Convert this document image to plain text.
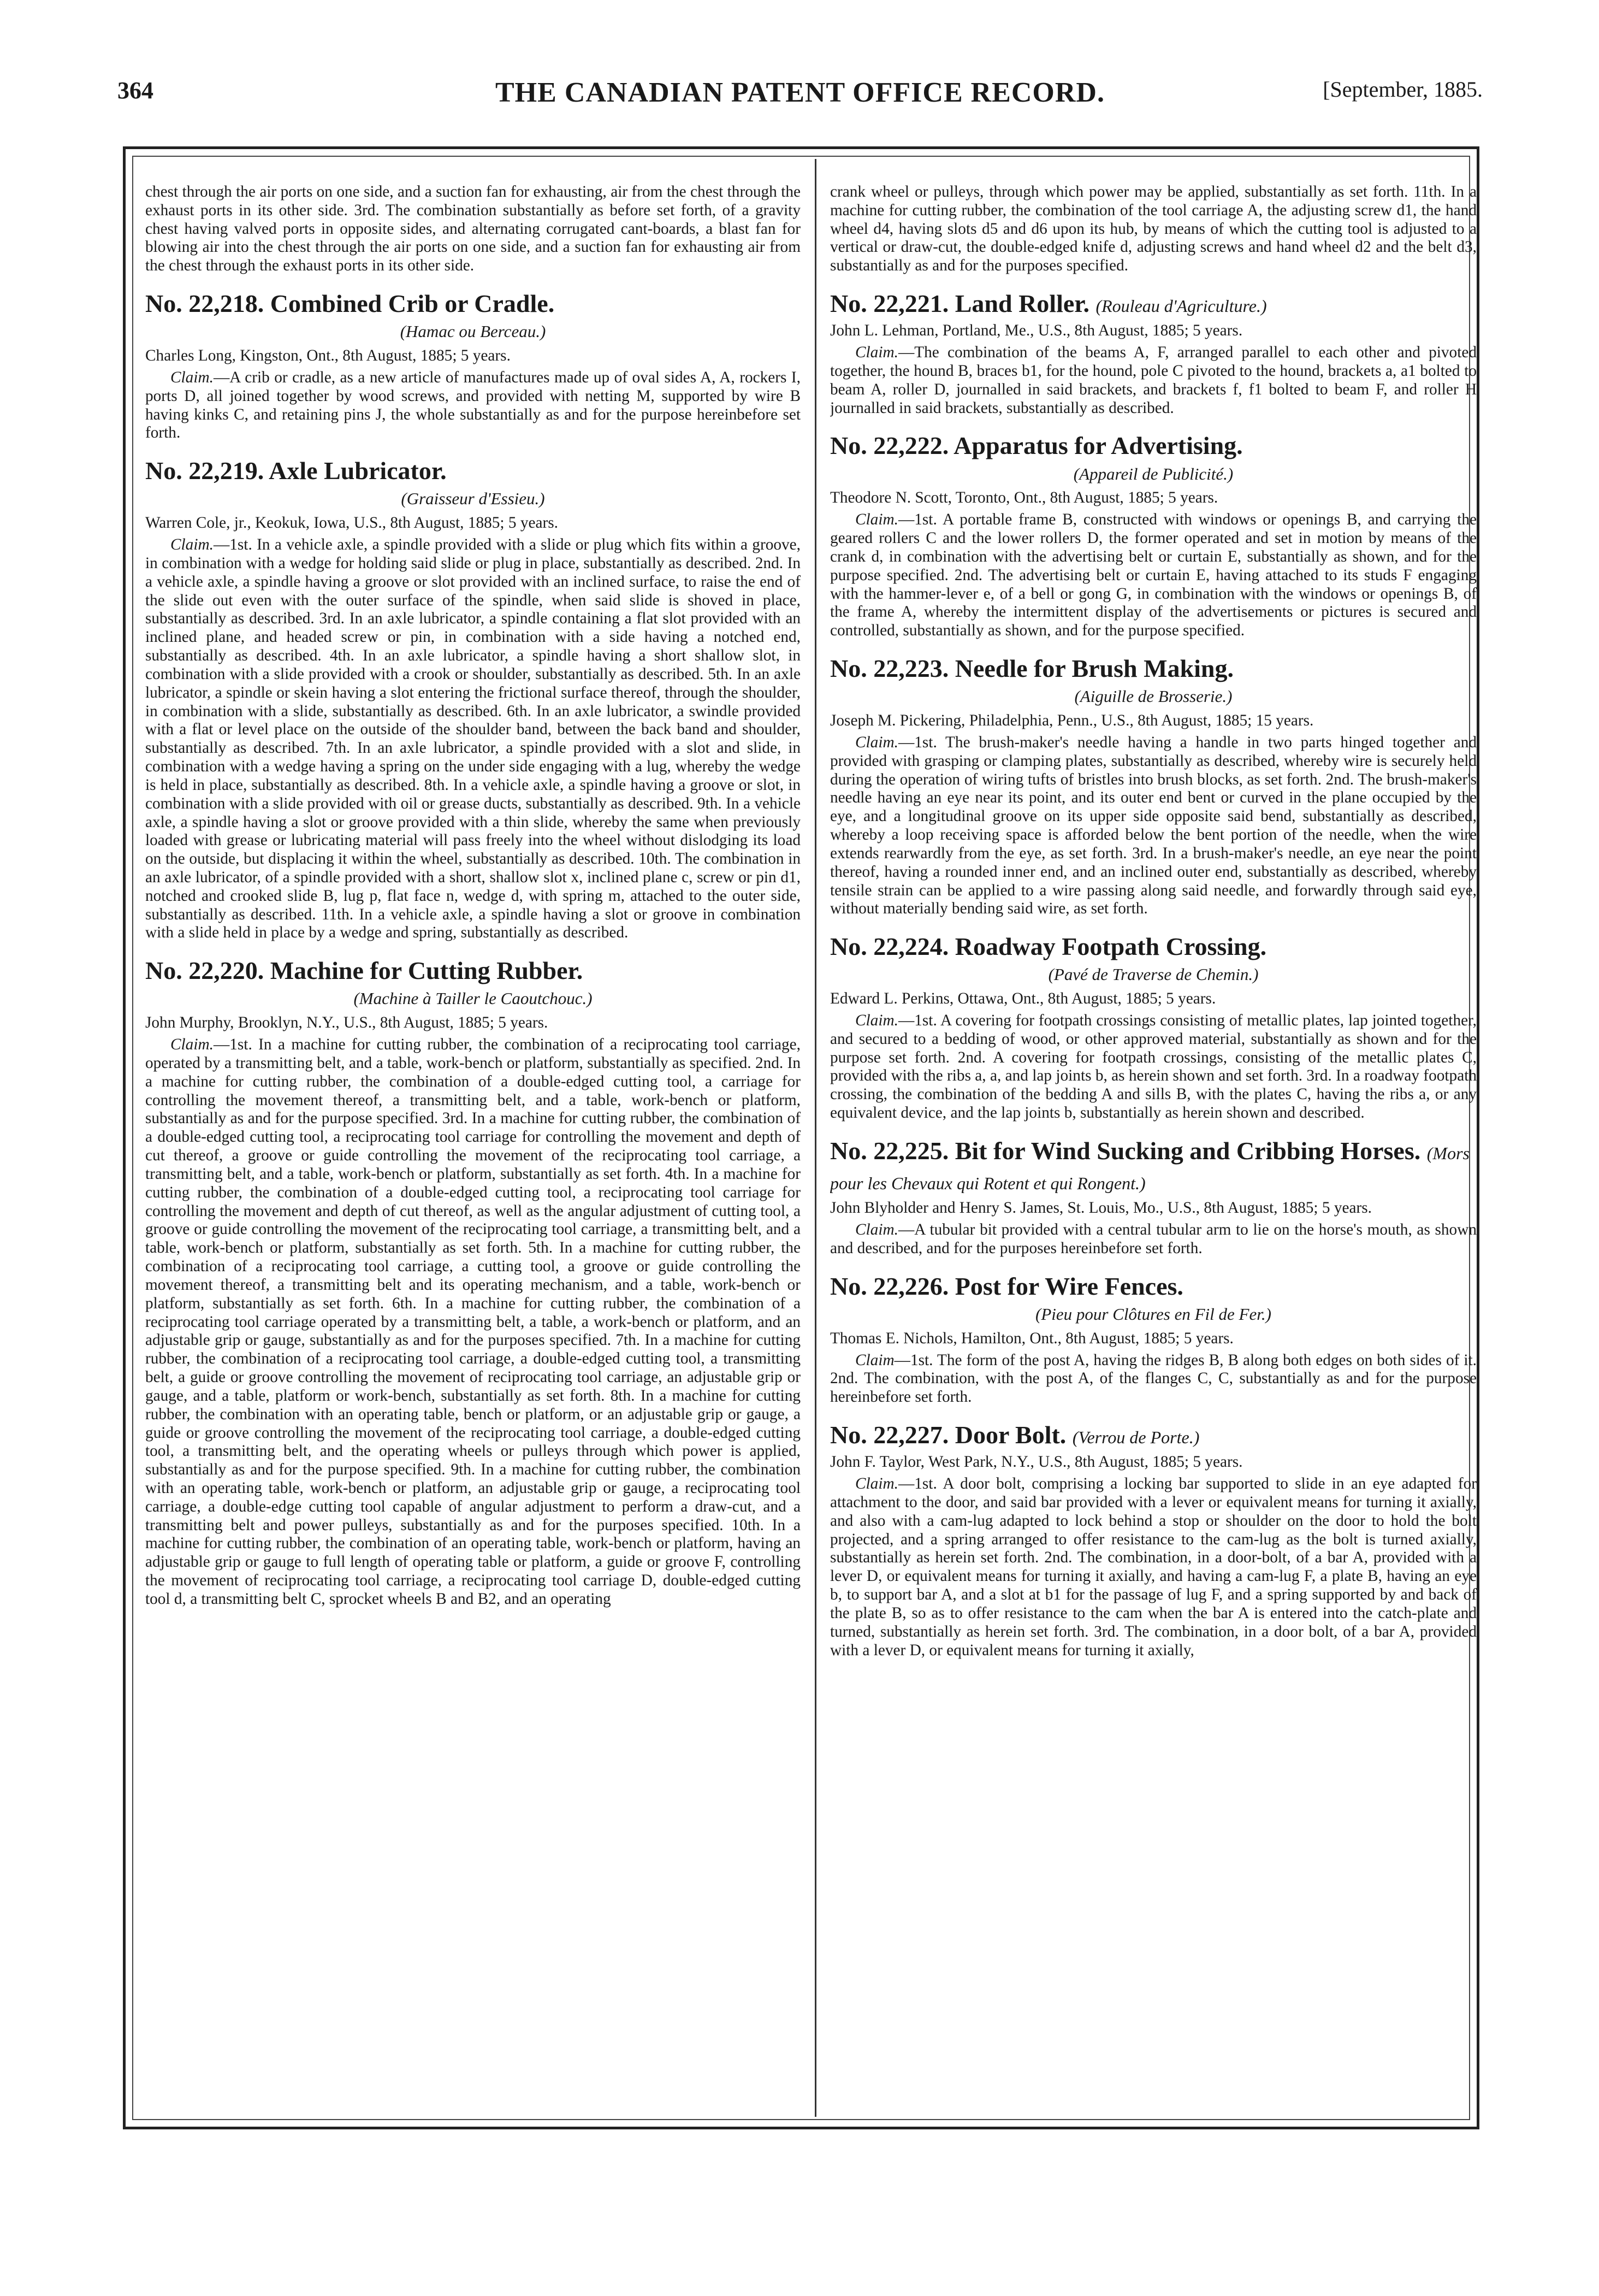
364	THE CANADIAN PATENT OFFICE RECORD.	[September, 1885.

chest through the air ports on one side, and a suction fan for exhausting, air from the chest through the exhaust ports in its other side. 3rd. The combination substantially as before set forth, of a gravity chest having valved ports in opposite sides, and alternating corrugated cant-boards, a blast fan for blowing air into the chest through the air ports on one side, and a suction fan for exhausting air from the chest through the exhaust ports in its other side.

No. 22,218. Combined Crib or Cradle.
(Hamac ou Berceau.)
Charles Long, Kingston, Ont., 8th August, 1885; 5 years.

Claim.—A crib or cradle, as a new article of manufactures made up of oval sides A, A, rockers I, ports D, all joined together by wood screws, and provided with netting M, supported by wire B having kinks C, and retaining pins J, the whole substantially as and for the purpose hereinbefore set forth.

No. 22,219. Axle Lubricator.
(Graisseur d'Essieu.)
Warren Cole, jr., Keokuk, Iowa, U.S., 8th August, 1885; 5 years.

Claim.—1st. In a vehicle axle, a spindle provided with a slide or plug which fits within a groove, in combination with a wedge for holding said slide or plug in place, substantially as described. 2nd. In a vehicle axle, a spindle having a groove or slot provided with an inclined surface, to raise the end of the slide out even with the outer surface of the spindle, when said slide is shoved in place, substantially as described. 3rd. In an axle lubricator, a spindle containing a flat slot provided with an inclined plane, and headed screw or pin, in combination with a side having a notched end, substantially as described. 4th. In an axle lubricator, a spindle having a short shallow slot, in combination with a slide provided with a crook or shoulder, substantially as described. 5th. In an axle lubricator, a spindle or skein having a slot entering the frictional surface thereof, through the shoulder, in combination with a slide, substantially as described. 6th. In an axle lubricator, a swindle provided with a flat or level place on the outside of the shoulder band, between the back band and shoulder, substantially as described. 7th. In an axle lubricator, a spindle provided with a slot and slide, in combination with a wedge having a spring on the under side engaging with a lug, whereby the wedge is held in place, substantially as described. 8th. In a vehicle axle, a spindle having a groove or slot, in combination with a slide provided with oil or grease ducts, substantially as described. 9th. In a vehicle axle, a spindle having a slot or groove provided with a thin slide, whereby the same when previously loaded with grease or lubricating material will pass freely into the wheel without dislodging its load on the outside, but displacing it within the wheel, substantially as described. 10th. The combination in an axle lubricator, of a spindle provided with a short, shallow slot x, inclined plane c, screw or pin d1, notched and crooked slide B, lug p, flat face n, wedge d, with spring m, attached to the outer side, substantially as described. 11th. In a vehicle axle, a spindle having a slot or groove in combination with a slide held in place by a wedge and spring, substantially as described.

No. 22,220. Machine for Cutting Rubber.
(Machine à Tailler le Caoutchouc.)
John Murphy, Brooklyn, N.Y., U.S., 8th August, 1885; 5 years.

Claim.—1st. In a machine for cutting rubber, the combination of a reciprocating tool carriage, operated by a transmitting belt, and a table, work-bench or platform, substantially as specified. 2nd. In a machine for cutting rubber, the combination of a double-edged cutting tool, a carriage for controlling the movement thereof, a transmitting belt, and a table, work-bench or platform, substantially as and for the purpose specified. 3rd. In a machine for cutting rubber, the combination of a double-edged cutting tool, a reciprocating tool carriage for controlling the movement and depth of cut thereof, a groove or guide controlling the movement of the reciprocating tool carriage, a transmitting belt, and a table, work-bench or platform, substantially as set forth. 4th. In a machine for cutting rubber, the combination of a double-edged cutting tool, a reciprocating tool carriage for controlling the movement and depth of cut thereof, as well as the angular adjustment of cutting tool, a groove or guide controlling the movement of the reciprocating tool carriage, a transmitting belt, and a table, work-bench or platform, substantially as set forth. 5th. In a machine for cutting rubber, the combination of a reciprocating tool carriage, a cutting tool, a groove or guide controlling the movement thereof, a transmitting belt and its operating mechanism, and a table, work-bench or platform, substantially as set forth. 6th. In a machine for cutting rubber, the combination of a reciprocating tool carriage operated by a transmitting belt, a table, a work-bench or platform, and an adjustable grip or gauge, substantially as and for the purposes specified. 7th. In a machine for cutting rubber, the combination of a reciprocating tool carriage, a double-edged cutting tool, a transmitting belt, a guide or groove controlling the movement of reciprocating tool carriage, an adjustable grip or gauge, and a table, platform or work-bench, substantially as set forth. 8th. In a machine for cutting rubber, the combination with an operating table, bench or platform, or an adjustable grip or gauge, a guide or groove controlling the movement of the reciprocating tool carriage, a double-edged cutting tool, a transmitting belt, and the operating wheels or pulleys through which power is applied, substantially as and for the purpose specified. 9th. In a machine for cutting rubber, the combination with an operating table, work-bench or platform, an adjustable grip or gauge, a reciprocating tool carriage, a double-edge cutting tool capable of angular adjustment to perform a draw-cut, and a transmitting belt and power pulleys, substantially as and for the purposes specified. 10th. In a machine for cutting rubber, the combination of an operating table, work-bench or platform, having an adjustable grip or gauge to full length of operating table or platform, a guide or groove F, controlling the movement of reciprocating tool carriage, a reciprocating tool carriage D, double-edged cutting tool d, a transmitting belt C, sprocket wheels B and B2, and an operating

crank wheel or pulleys, through which power may be applied, substantially as set forth. 11th. In a machine for cutting rubber, the combination of the tool carriage A, the adjusting screw d1, the hand wheel d4, having slots d5 and d6 upon its hub, by means of which the cutting tool is adjusted to a vertical or draw-cut, the double-edged knife d, adjusting screws and hand wheel d2 and the belt d3, substantially as and for the purposes specified.

No. 22,221. Land Roller. (Rouleau d'Agriculture.)
John L. Lehman, Portland, Me., U.S., 8th August, 1885; 5 years.

Claim.—The combination of the beams A, F, arranged parallel to each other and pivoted together, the hound B, braces b1, for the hound, pole C pivoted to the hound, brackets a, a1 bolted to beam A, roller D, journalled in said brackets, and brackets f, f1 bolted to beam F, and roller H journalled in said brackets, substantially as described.

No. 22,222. Apparatus for Advertising.
(Appareil de Publicité.)
Theodore N. Scott, Toronto, Ont., 8th August, 1885; 5 years.

Claim.—1st. A portable frame B, constructed with windows or openings B, and carrying the geared rollers C and the lower rollers D, the former operated and set in motion by means of the crank d, in combination with the advertising belt or curtain E, substantially as shown, and for the purpose specified. 2nd. The advertising belt or curtain E, having attached to its studs F engaging with the hammer-lever e, of a bell or gong G, in combination with the windows or openings B, of the frame A, whereby the intermittent display of the advertisements or pictures is secured and controlled, substantially as shown, and for the purpose specified.

No. 22,223. Needle for Brush Making.
(Aiguille de Brosserie.)
Joseph M. Pickering, Philadelphia, Penn., U.S., 8th August, 1885; 15 years.

Claim.—1st. The brush-maker's needle having a handle in two parts hinged together and provided with grasping or clamping plates, substantially as described, whereby wire is securely held during the operation of wiring tufts of bristles into brush blocks, as set forth. 2nd. The brush-maker's needle having an eye near its point, and its outer end bent or curved in the plane occupied by the eye, and a longitudinal groove on its upper side opposite said bend, substantially as described, whereby a loop receiving space is afforded below the bent portion of the needle, when the wire extends rearwardly from the eye, as set forth. 3rd. In a brush-maker's needle, an eye near the point thereof, having a rounded inner end, and an inclined outer end, substantially as described, whereby tensile strain can be applied to a wire passing along said needle, and forwardly through said eye, without materially bending said wire, as set forth.

No. 22,224. Roadway Footpath Crossing.
(Pavé de Traverse de Chemin.)
Edward L. Perkins, Ottawa, Ont., 8th August, 1885; 5 years.

Claim.—1st. A covering for footpath crossings consisting of metallic plates, lap jointed together, and secured to a bedding of wood, or other approved material, substantially as shown and for the purpose set forth. 2nd. A covering for footpath crossings, consisting of the metallic plates C, provided with the ribs a, a, and lap joints b, as herein shown and set forth. 3rd. In a roadway footpath crossing, the combination of the bedding A and sills B, with the plates C, having the ribs a, or any equivalent device, and the lap joints b, substantially as herein shown and described.

No. 22,225. Bit for Wind Sucking and Cribbing Horses. (Mors pour les Chevaux qui Rotent et qui Rongent.)
John Blyholder and Henry S. James, St. Louis, Mo., U.S., 8th August, 1885; 5 years.

Claim.—A tubular bit provided with a central tubular arm to lie on the horse's mouth, as shown and described, and for the purposes hereinbefore set forth.

No. 22,226. Post for Wire Fences.
(Pieu pour Clôtures en Fil de Fer.)
Thomas E. Nichols, Hamilton, Ont., 8th August, 1885; 5 years.

Claim—1st. The form of the post A, having the ridges B, B along both edges on both sides of it. 2nd. The combination, with the post A, of the flanges C, C, substantially as and for the purpose hereinbefore set forth.

No. 22,227. Door Bolt. (Verrou de Porte.)
John F. Taylor, West Park, N.Y., U.S., 8th August, 1885; 5 years.

Claim.—1st. A door bolt, comprising a locking bar supported to slide in an eye adapted for attachment to the door, and said bar provided with a lever or equivalent means for turning it axially, and also with a cam-lug adapted to lock behind a stop or shoulder on the door to hold the bolt projected, and a spring arranged to offer resistance to the cam-lug as the bolt is turned axially, substantially as herein set forth. 2nd. The combination, in a door-bolt, of a bar A, provided with a lever D, or equivalent means for turning it axially, and having a cam-lug F, a plate B, having an eye b, to support bar A, and a slot at b1 for the passage of lug F, and a spring supported by and back of the plate B, so as to offer resistance to the cam when the bar A is entered into the catch-plate and turned, substantially as herein set forth. 3rd. The combination, in a door bolt, of a bar A, provided with a lever D, or equivalent means for turning it axially,
